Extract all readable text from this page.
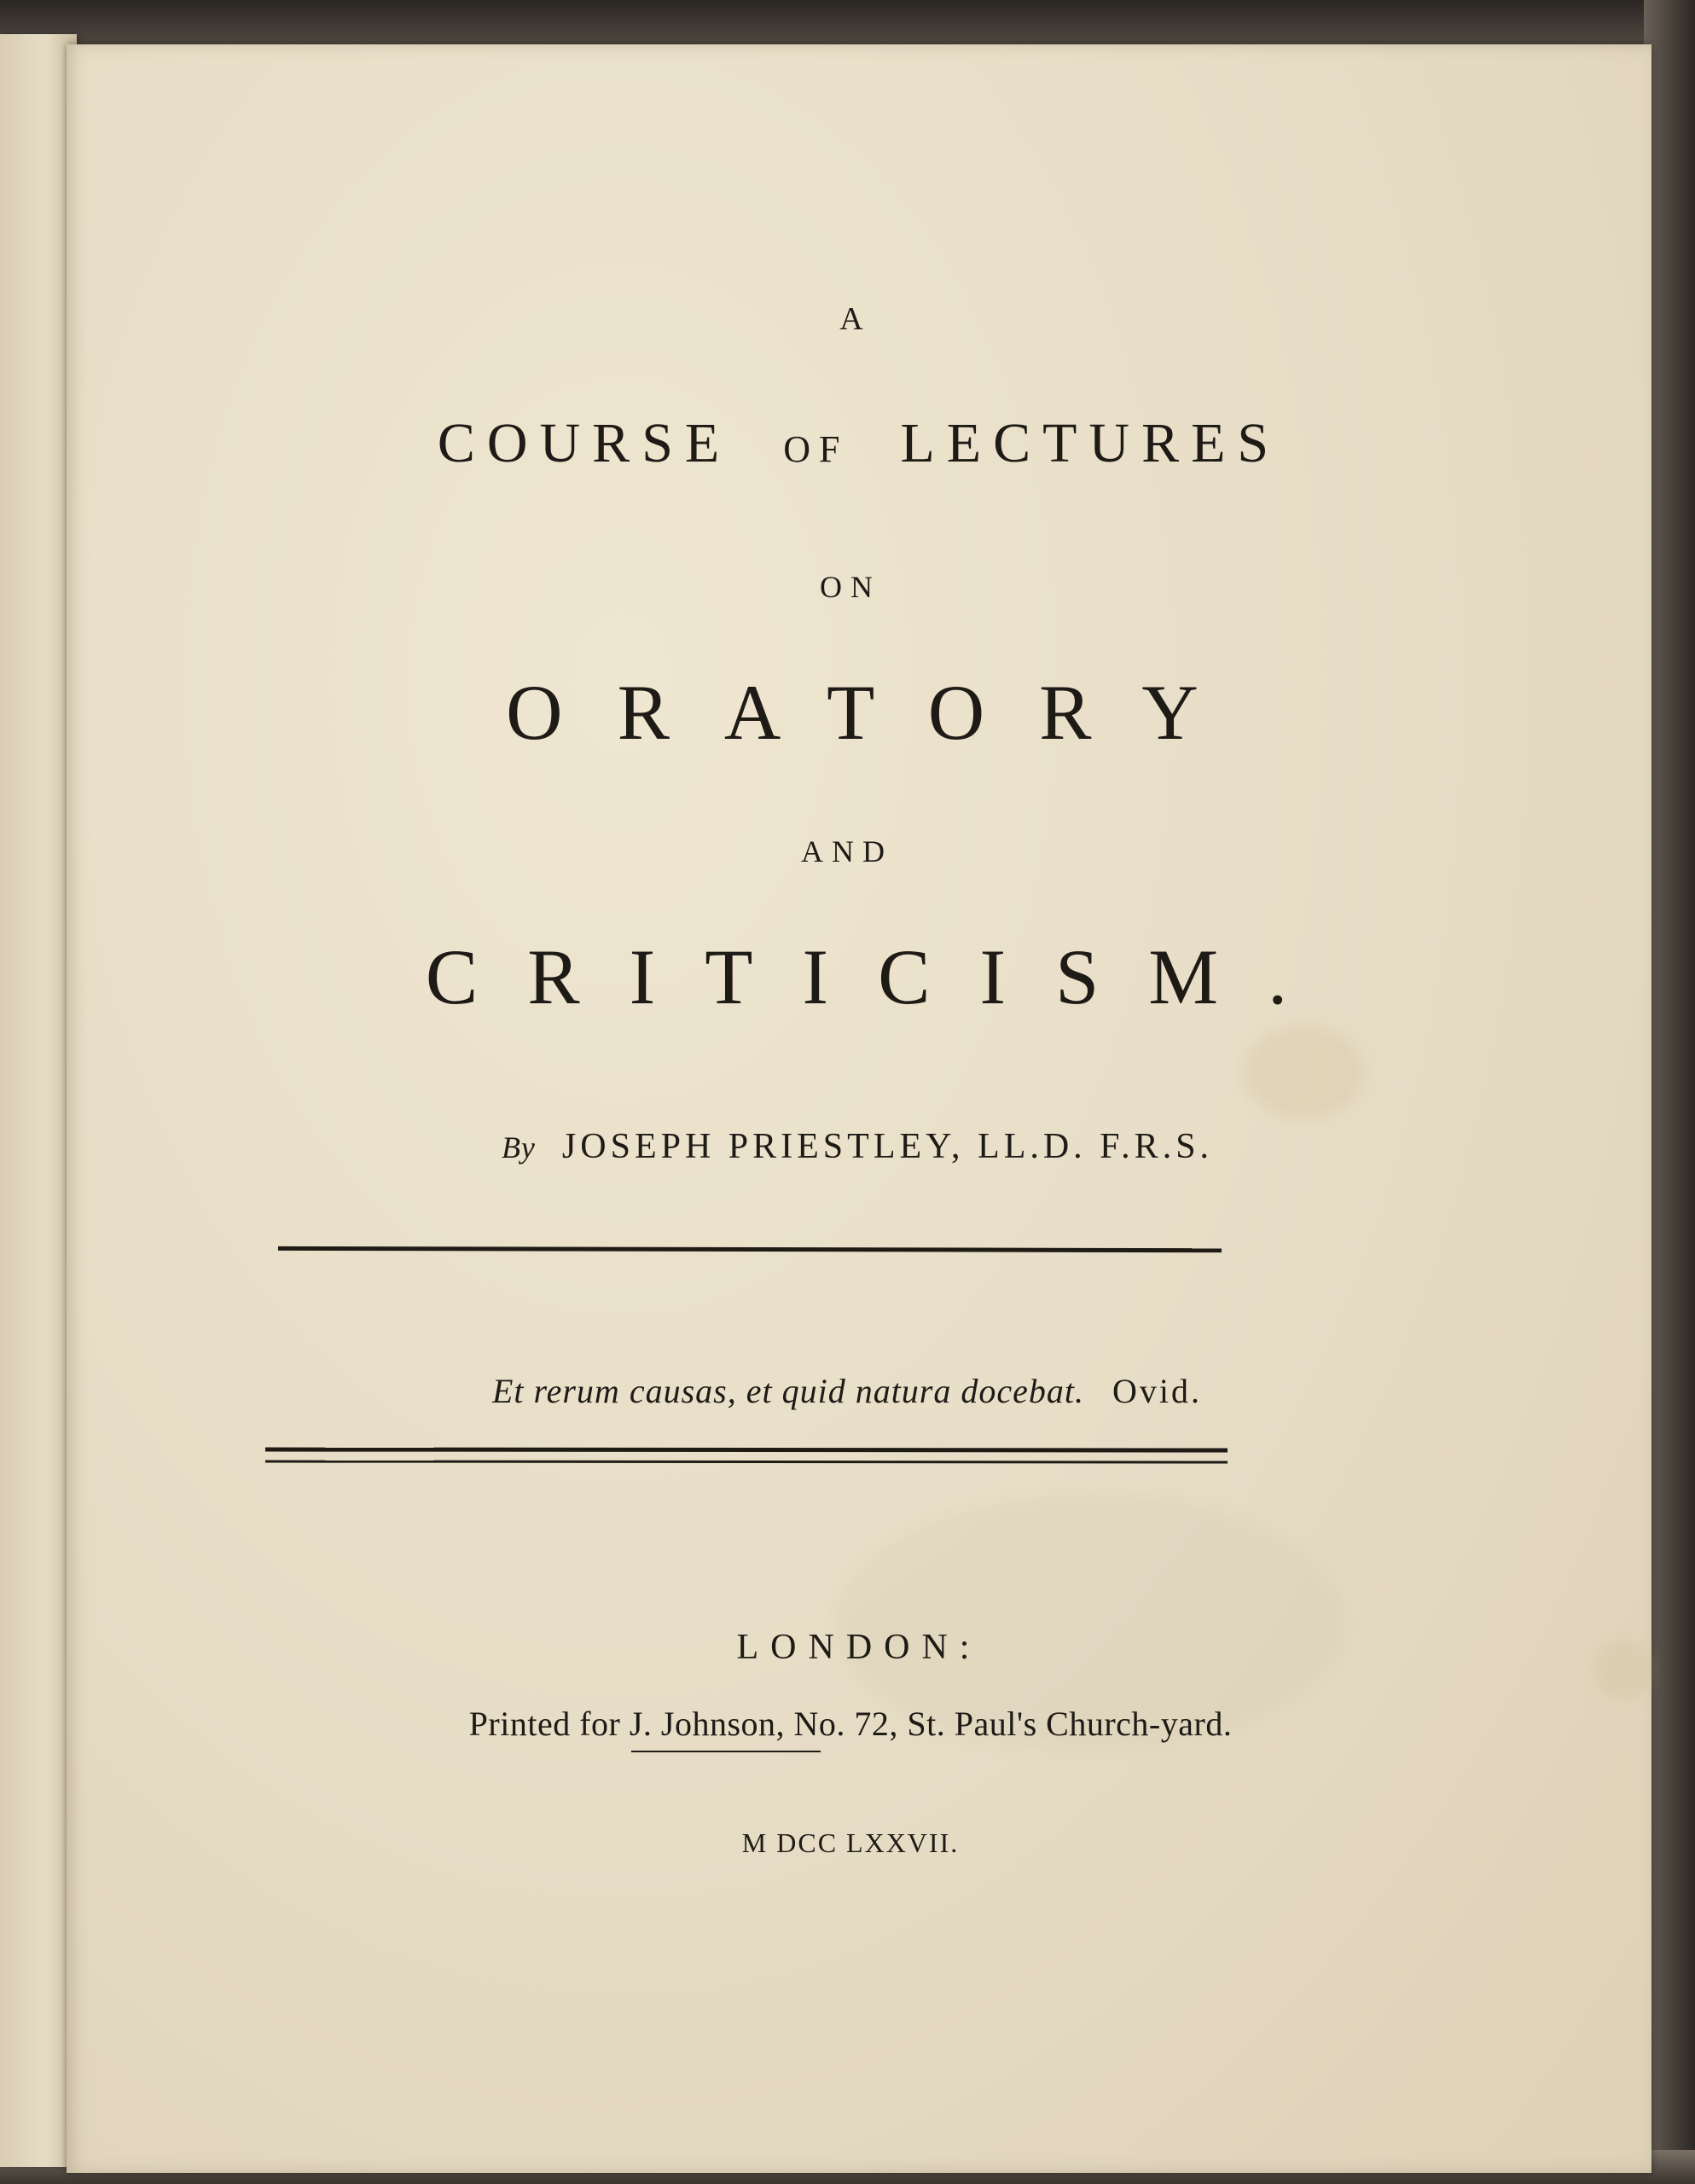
A

COURSE OF LECTURES

ON

ORATORY

AND

CRITICISM.

By JOSEPH PRIESTLEY, LL.D. F.R.S.

Et rerum causas, et quid natura docebat. Ovid.

LONDON:

Printed for J. Johnson, No. 72, St. Paul's Church-yard.

M DCC LXXVII.
